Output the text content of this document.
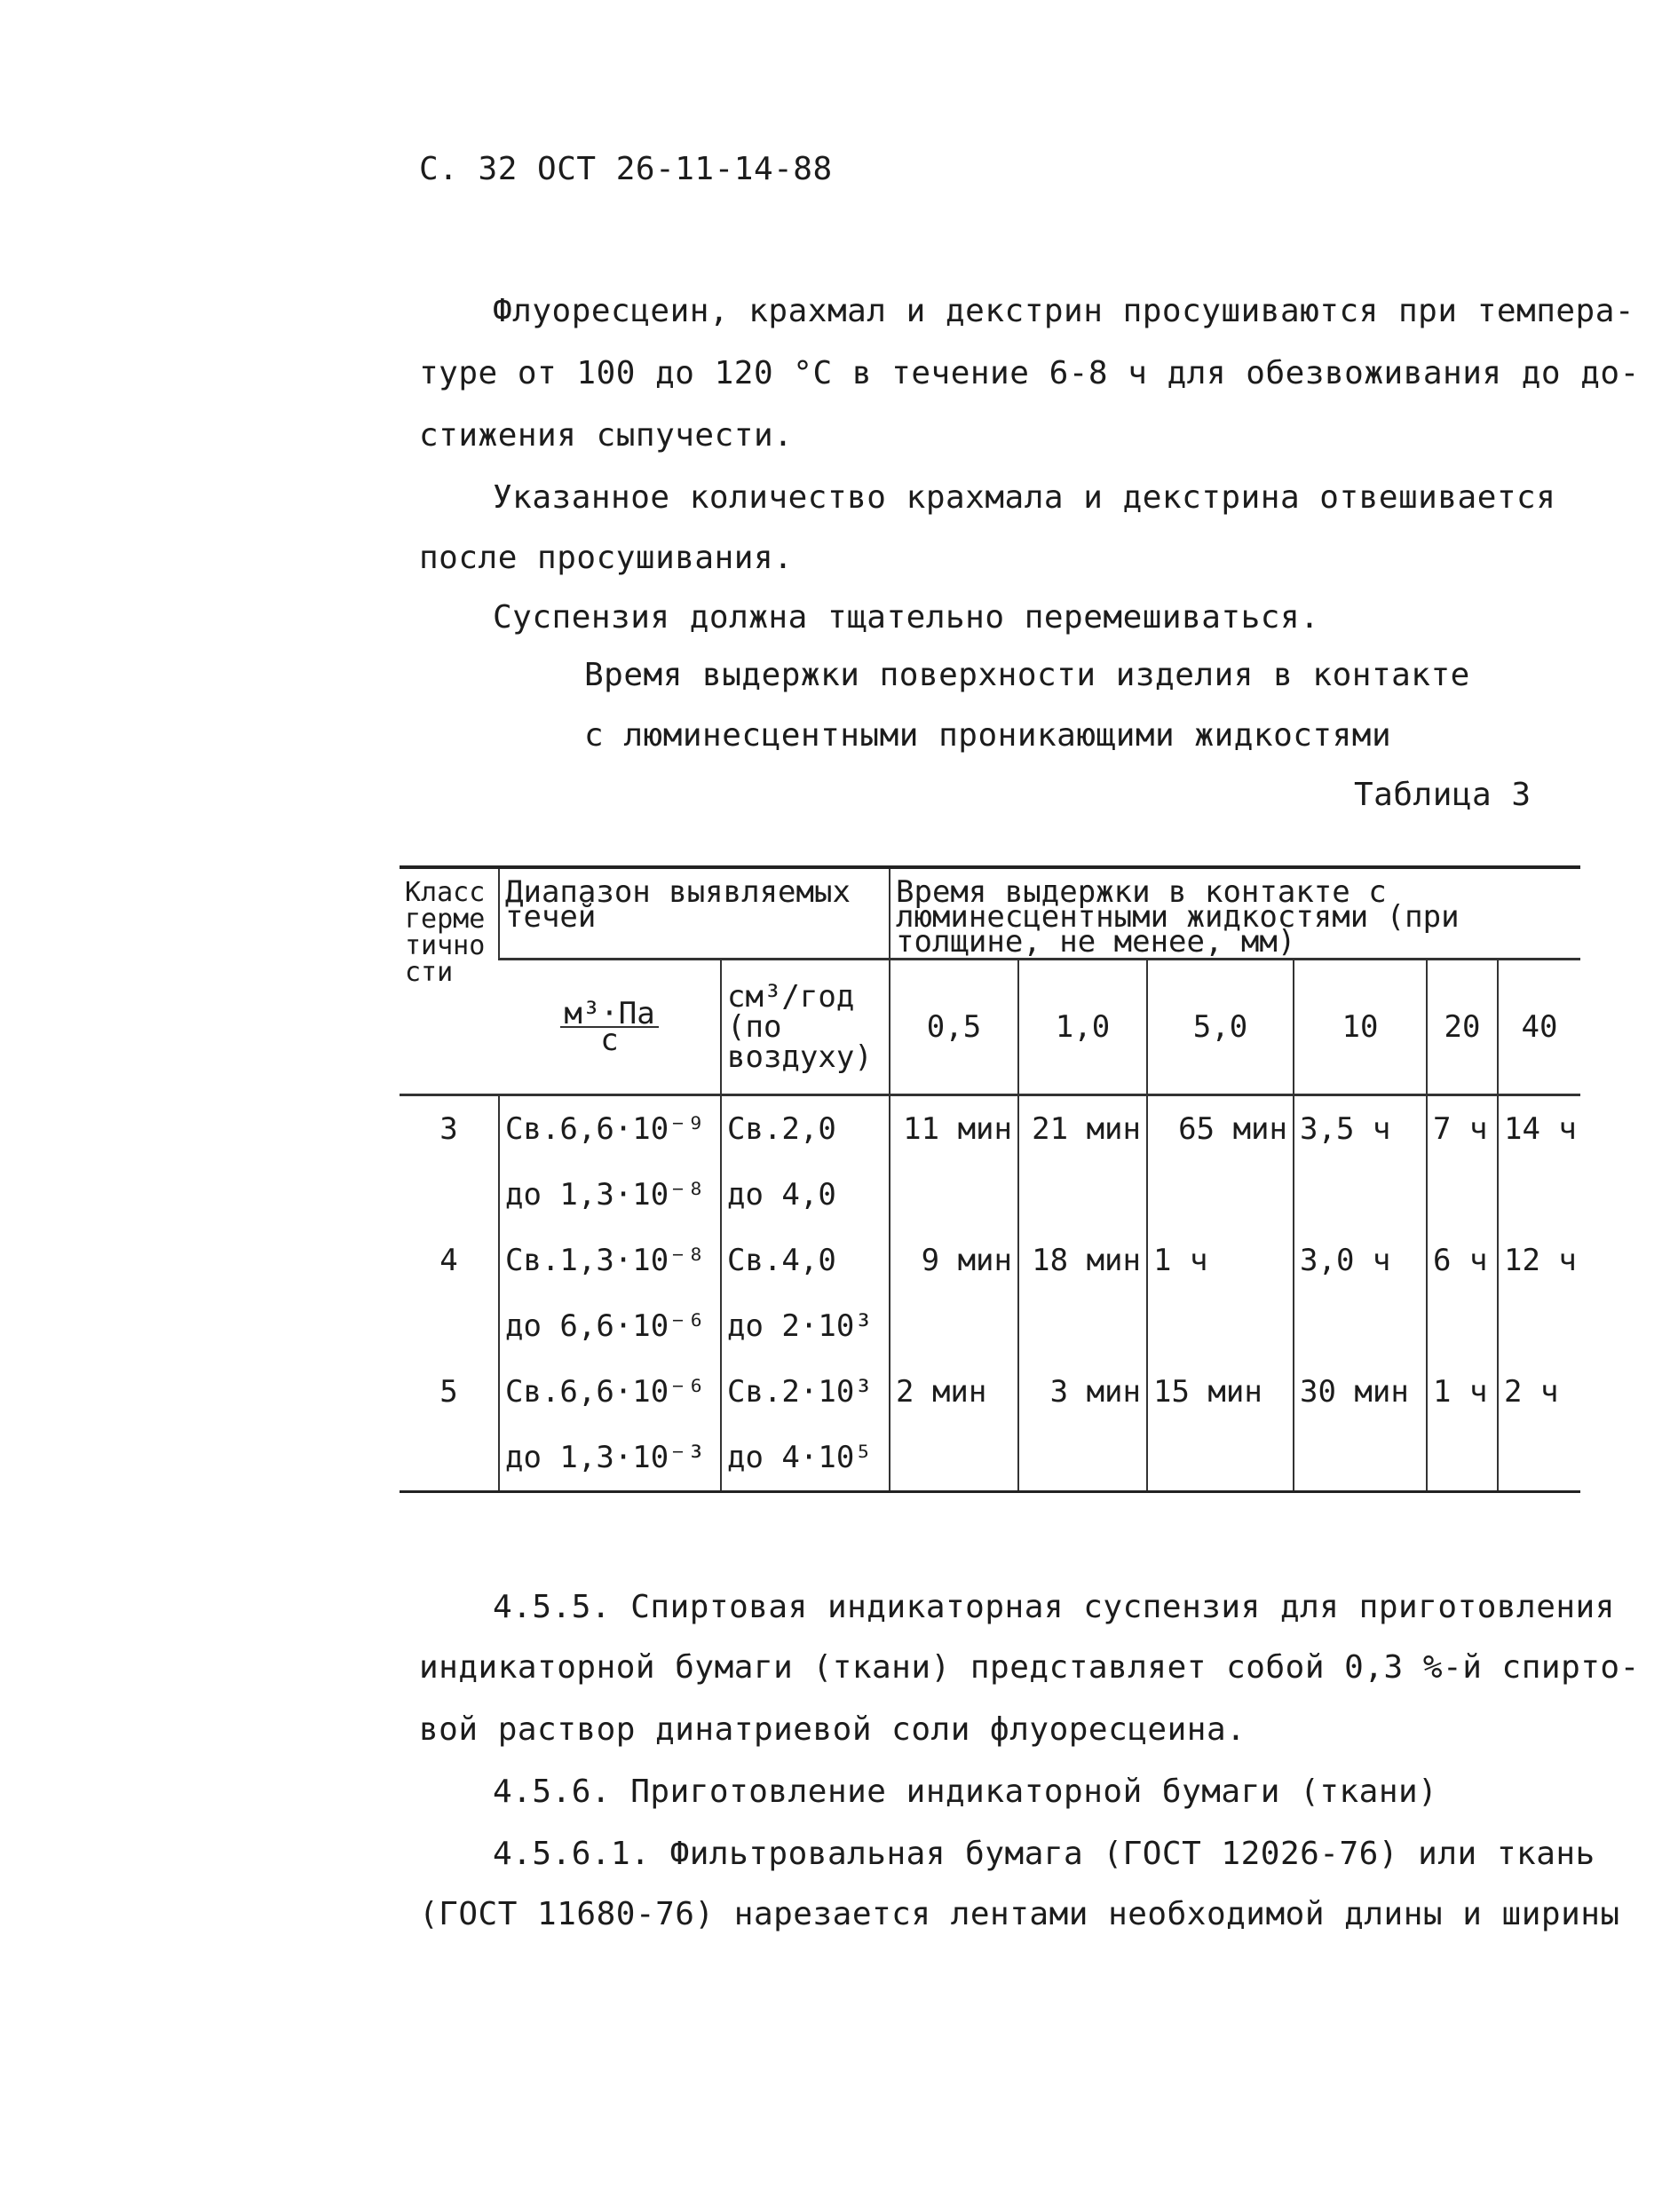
С. 32 ОСТ 26-11-14-88
Флуоресцеин, крахмал и декстрин просушиваются при темпера-
туре от 100 до 120 °С в течение 6-8 ч для обезвоживания до до-
стижения сыпучести.
Указанное количество крахмала и декстрина отвешивается
после просушивания.
Суспензия должна тщательно перемешиваться.
Время выдержки поверхности изделия в контакте
с люминесцентными проникающими жидкостями
Таблица 3
Класс герметичности	Диапазон выявляемых течей		Время выдержки в контакте с люминесцентными жидкостями (при толщине, не менее, мм)					

	$\frac{\text{м³·Па}}{с}$	см³/год (по воздуху)	0,5	1,0	5,0	10	20	40
3	Св.6,6·10⁻⁹	Св.2,0	11 мин	21 мин	65 мин	3,5 ч	7 ч	14 ч
	до 1,3·10⁻⁸	до 4,0						
4	Св.1,3·10⁻⁸	Св.4,0	9 мин	18 мин	1 ч	3,0 ч	6 ч	12 ч
	до 6,6·10⁻⁶	до 2·10³						
5	Св.6,6·10⁻⁶	Св.2·10³	2 мин	3 мин	15 мин	30 мин	1 ч	2 ч
	до 1,3·10⁻³	до 4·10⁵						
4.5.5. Спиртовая индикаторная суспензия для приготовления
индикаторной бумаги (ткани) представляет собой 0,3 %-й спирто-
вой раствор динатриевой соли флуоресцеина.
4.5.6. Приготовление индикаторной бумаги (ткани)
4.5.6.1. Фильтровальная бумага (ГОСТ 12026-76) или ткань
(ГОСТ 11680-76) нарезается лентами необходимой длины и ширины
